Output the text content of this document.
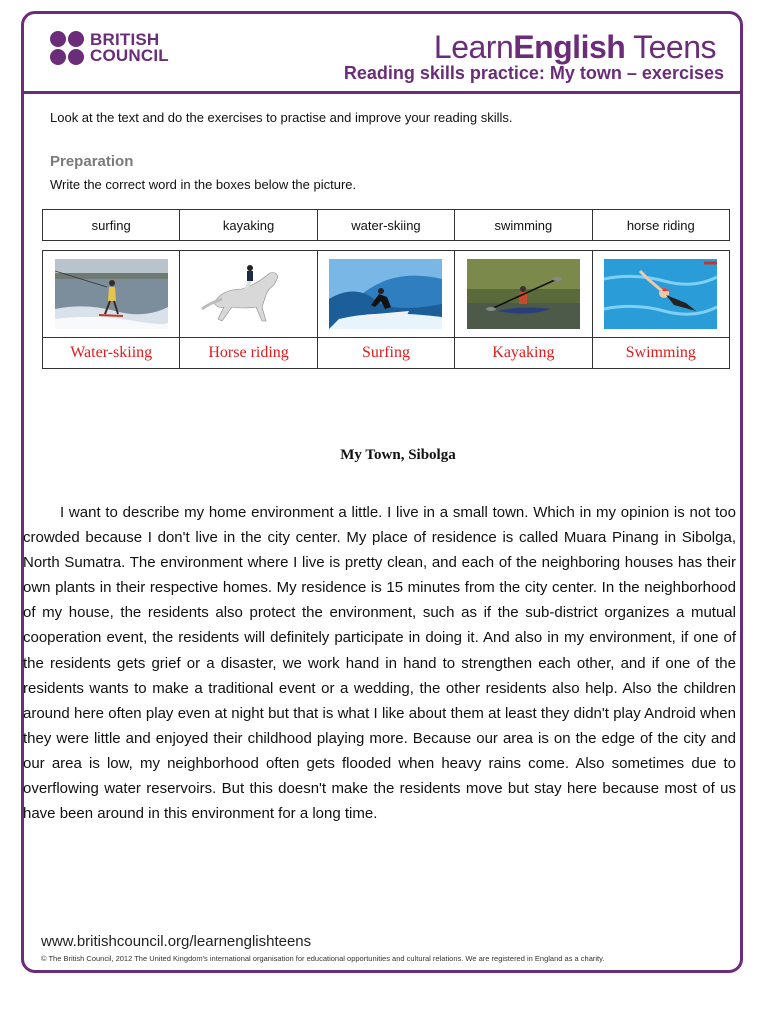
BRITISH
COUNCIL	LearnEnglish Teens
Reading skills practice: My town – exercises
Look at the text and do the exercises to practise and improve your reading skills.
Preparation
Write the correct word in the boxes below the picture.
surfing	kayaking	water-skiing	swimming	horse riding

Water-skiing	Horse riding	Surfing	Kayaking	Swimming
My Town, Sibolga

I want to describe my home environment a little. I live in a small town. Which in my opinion is not too crowded because I don't live in the city center. My place of residence is called Muara Pinang in Sibolga, North Sumatra. The environment where I live is pretty clean, and each of the neighboring houses has their own plants in their respective homes. My residence is 15 minutes from the city center. In the neighborhood of my house, the residents also protect the environment, such as if the sub-district organizes a mutual cooperation event, the residents will definitely participate in doing it. And also in my environment, if one of the residents gets grief or a disaster, we work hand in hand to strengthen each other, and if one of the residents wants to make a traditional event or a wedding, the other residents also help. Also the children around here often play even at night but that is what I like about them at least they didn't play Android when they were little and enjoyed their childhood playing more. Because our area is on the edge of the city and our area is low, my neighborhood often gets flooded when heavy rains come. Also sometimes due to overflowing water reservoirs. But this doesn't make the residents move but stay here because most of us have been around in this environment for a long time.

www.britishcouncil.org/learnenglishteens
© The British Council, 2012 The United Kingdom's international organisation for educational opportunities and cultural relations. We are registered in England as a charity.
